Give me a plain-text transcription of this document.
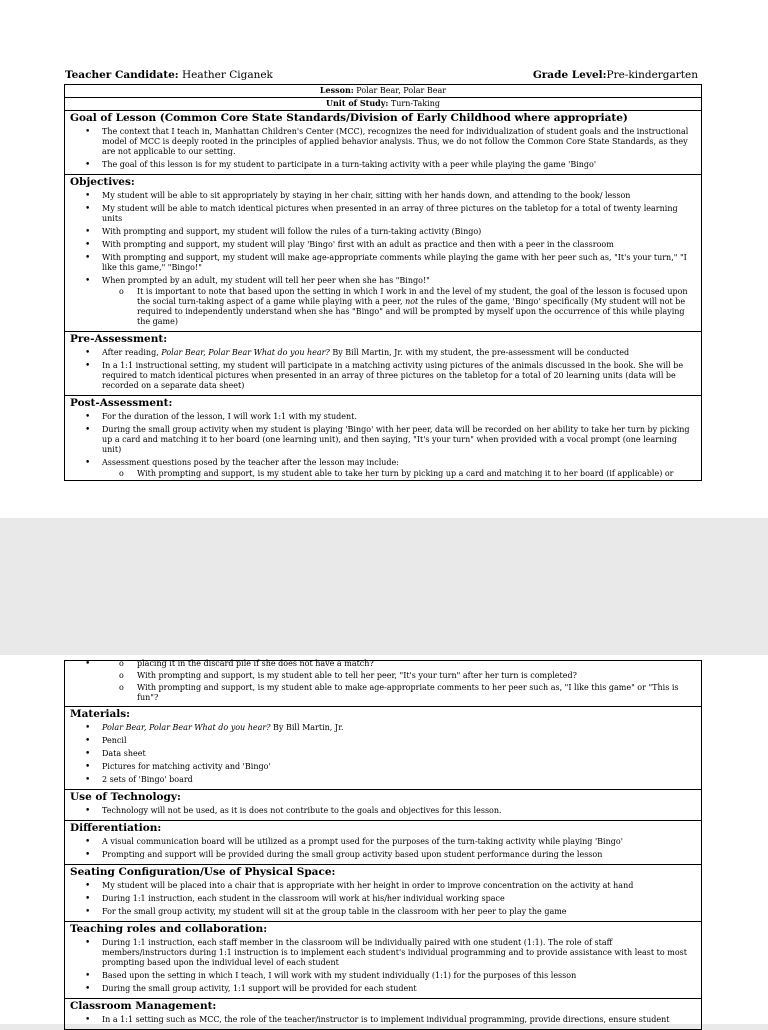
Teacher Candidate: Heather Ciganek	Grade Level:Pre-kindergarten
Lesson: Polar Bear, Polar Bear
Unit of Study: Turn-Taking

Goal of Lesson (Common Core State Standards/Division of Early Childhood where appropriate)
• The context that I teach in, Manhattan Children's Center (MCC), recognizes the need for individualization of student goals and the instructional model of MCC is deeply rooted in the principles of applied behavior analysis. Thus, we do not follow the Common Core State Standards, as they are not applicable to our setting.
• The goal of this lesson is for my student to participate in a turn-taking activity with a peer while playing the game 'Bingo'

Objectives:
• My student will be able to sit appropriately by staying in her chair, sitting with her hands down, and attending to the book/ lesson
• My student will be able to match identical pictures when presented in an array of three pictures on the tabletop for a total of twenty learning units
• With prompting and support, my student will follow the rules of a turn-taking activity (Bingo)
• With prompting and support, my student will play 'Bingo' first with an adult as practice and then with a peer in the classroom
• With prompting and support, my student will make age-appropriate comments while playing the game with her peer such as, "It's your turn," "I like this game," "Bingo!"
• When prompted by an adult, my student will tell her peer when she has "Bingo!"
o It is important to note that based upon the setting in which I work in and the level of my student, the goal of the lesson is focused upon the social turn-taking aspect of a game while playing with a peer, not the rules of the game, 'Bingo' specifically (My student will not be required to independently understand when she has "Bingo" and will be prompted by myself upon the occurrence of this while playing the game)

Pre-Assessment:
• After reading, Polar Bear, Polar Bear What do you hear? By Bill Martin, Jr. with my student, the pre-assessment will be conducted
• In a 1:1 instructional setting, my student will participate in a matching activity using pictures of the animals discussed in the book. She will be required to match identical pictures when presented in an array of three pictures on the tabletop for a total of 20 learning units (data will be recorded on a separate data sheet)

Post-Assessment:
• For the duration of the lesson, I will work 1:1 with my student.
• During the small group activity when my student is playing 'Bingo' with her peer, data will be recorded on her ability to take her turn by picking up a card and matching it to her board (one learning unit), and then saying, "It's your turn" when provided with a vocal prompt (one learning unit)
• Assessment questions posed by the teacher after the lesson may include:
o With prompting and support, is my student able to take her turn by picking up a card and matching it to her board (if applicable) or
o • placing it in the discard pile if she does not have a match?
o With prompting and support, is my student able to tell her peer, "It's your turn" after her turn is completed?
o With prompting and support, is my student able to make age-appropriate comments to her peer such as, "I like this game" or "This is fun"?

Materials:
• Polar Bear, Polar Bear What do you hear? By Bill Martin, Jr.
• Pencil
• Data sheet
• Pictures for matching activity and 'Bingo'
• 2 sets of 'Bingo' board

Use of Technology:
• Technology will not be used, as it is does not contribute to the goals and objectives for this lesson.

Differentiation:
• A visual communication board will be utilized as a prompt used for the purposes of the turn-taking activity while playing 'Bingo'
• Prompting and support will be provided during the small group activity based upon student performance during the lesson

Seating Configuration/Use of Physical Space:
• My student will be placed into a chair that is appropriate with her height in order to improve concentration on the activity at hand
• During 1:1 instruction, each student in the classroom will work at his/her individual working space
• For the small group activity, my student will sit at the group table in the classroom with her peer to play the game

Teaching roles and collaboration:
• During 1:1 instruction, each staff member in the classroom will be individually paired with one student (1:1). The role of staff members/instructors during 1:1 instruction is to implement each student's individual programming and to provide assistance with least to most prompting based upon the individual level of each student
• Based upon the setting in which I teach, I will work with my student individually (1:1) for the purposes of this lesson
• During the small group activity, 1:1 support will be provided for each student

Classroom Management:
• In a 1:1 setting such as MCC, the role of the teacher/instructor is to implement individual programming, provide directions, ensure student
